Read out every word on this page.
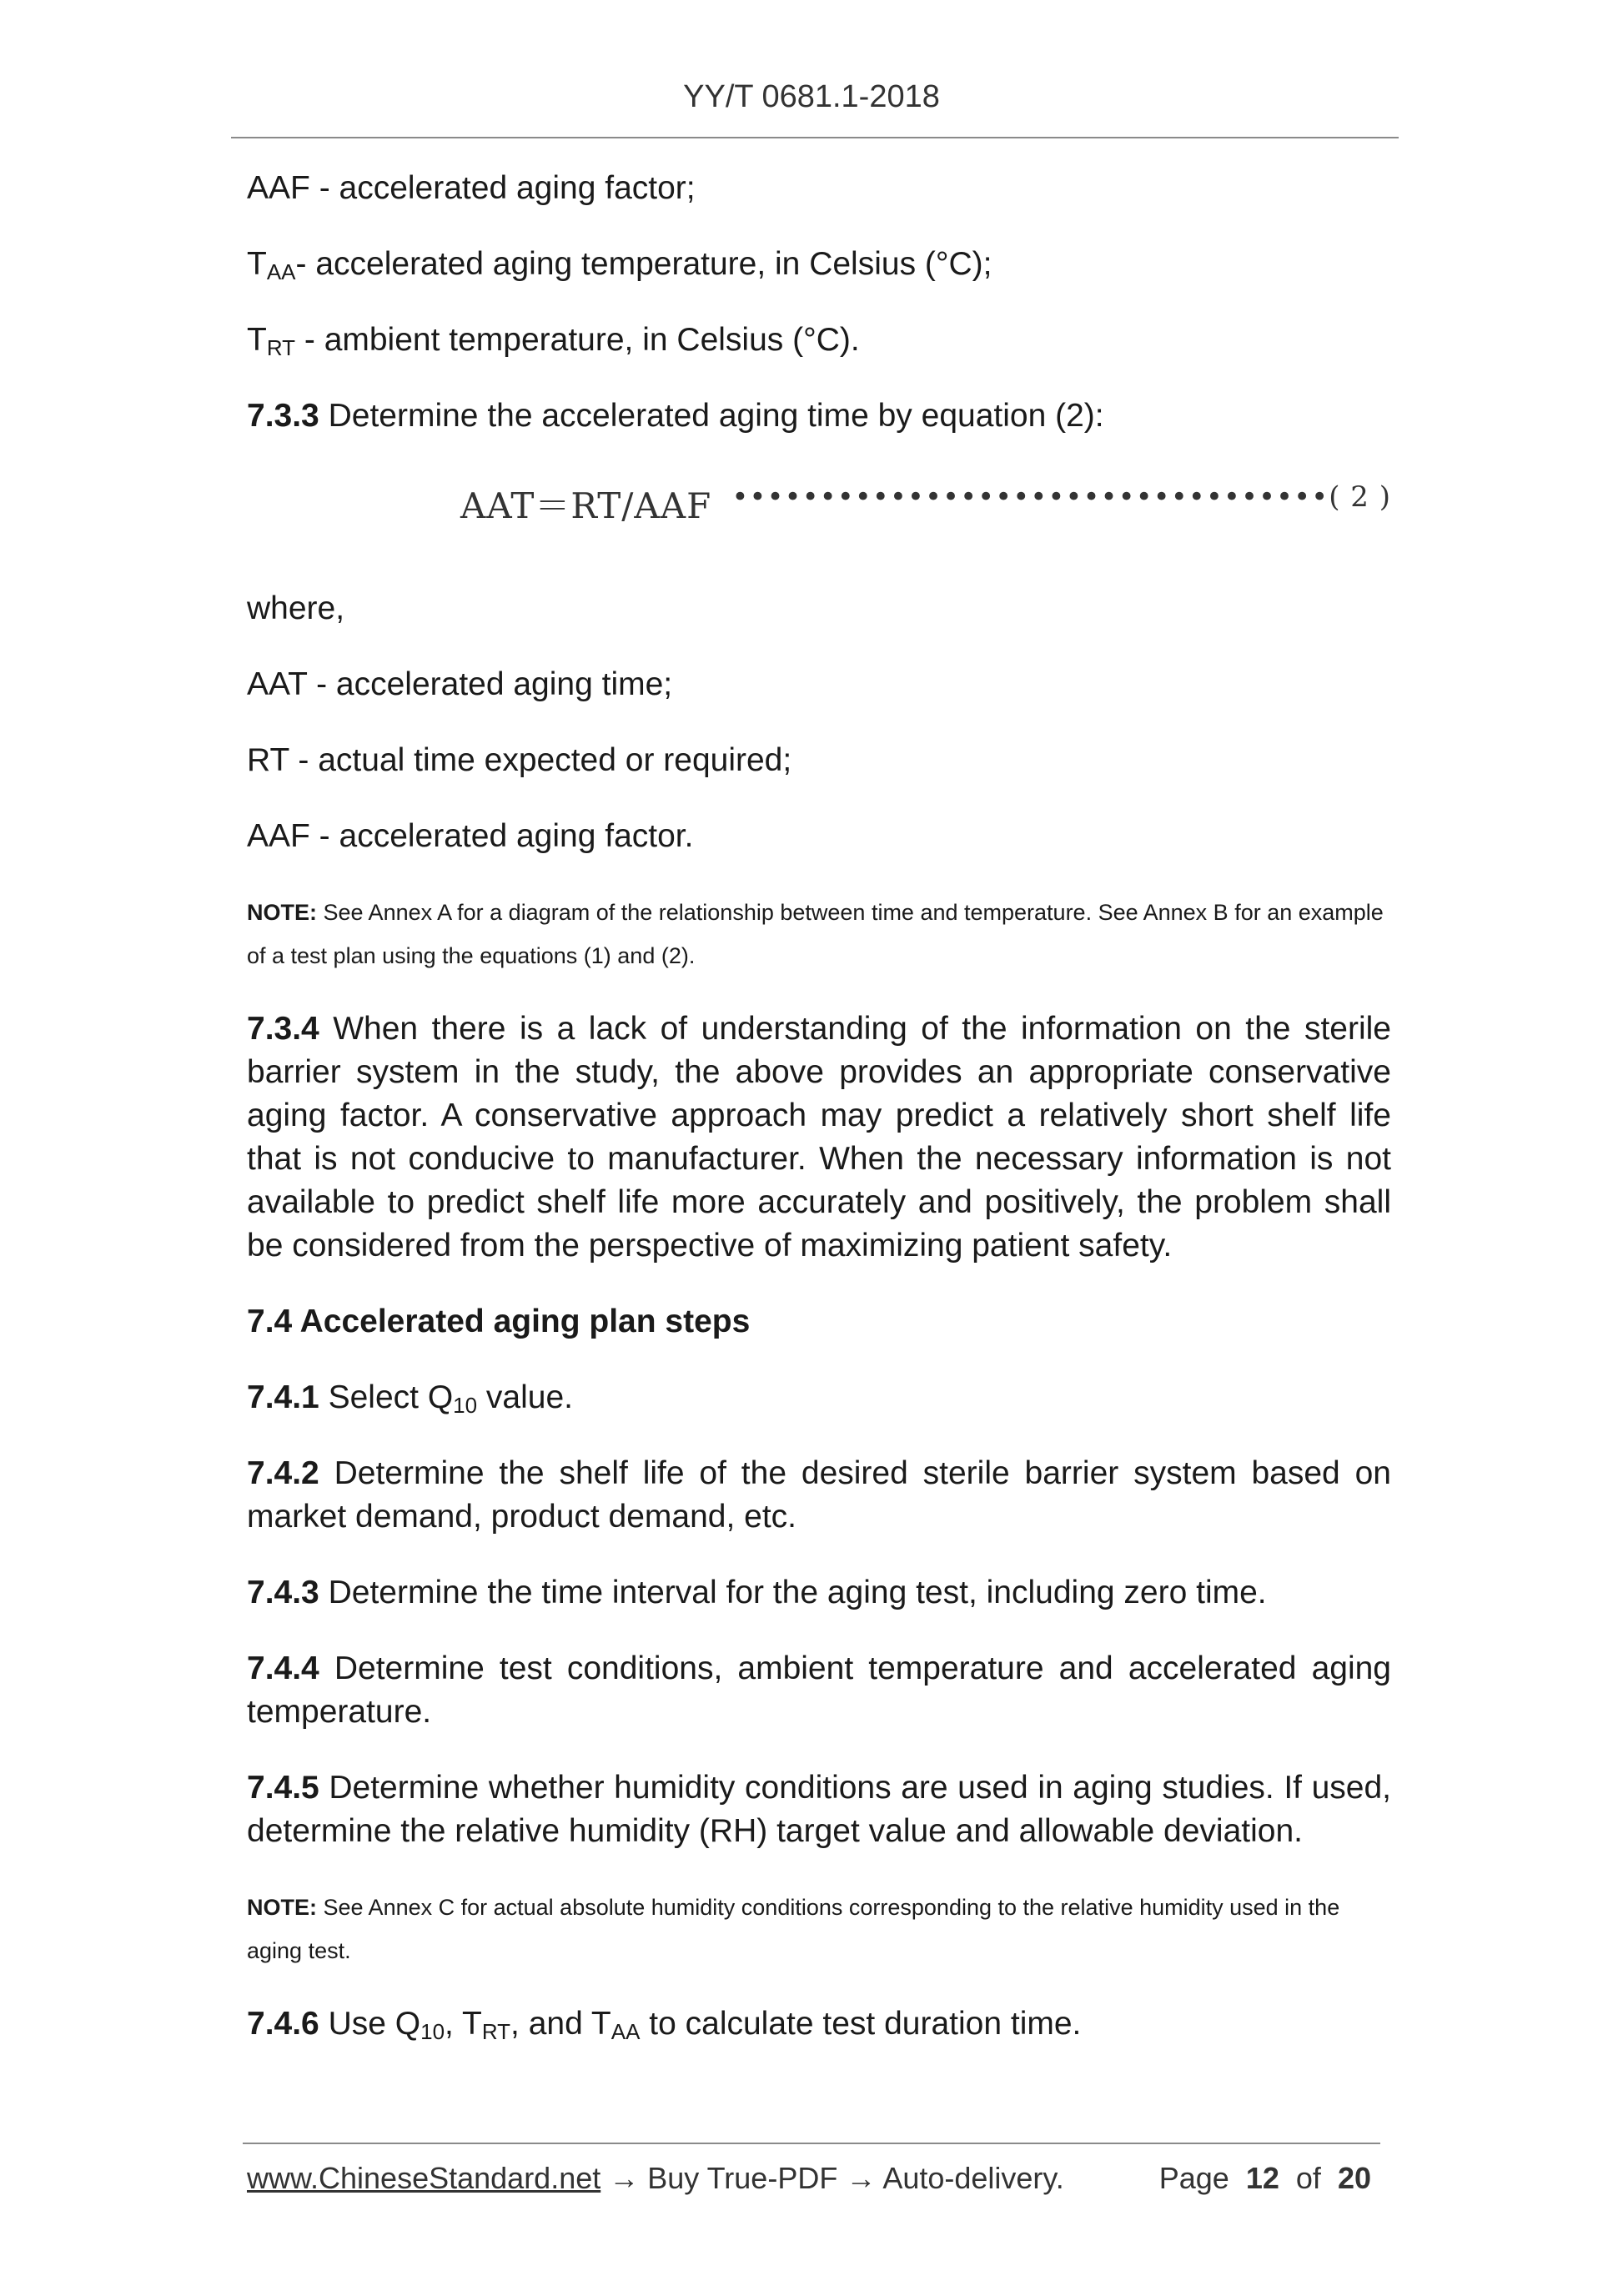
YY/T 0681.1-2018

AAF - accelerated aging factor;

$T_{AA}-$ accelerated aging temperature, in Celsius (°C);

$T_{RT}$ - ambient temperature, in Celsius (°C).

7.3.3 Determine the accelerated aging time by equation (2):

AAT＝RT/AAF ••••••••••••••••••••••••••••••••••( 2 )

where,

AAT - accelerated aging time;

RT - actual time expected or required;

AAF - accelerated aging factor.

NOTE: See Annex A for a diagram of the relationship between time and temperature. See Annex B for an example of a test plan using the equations (1) and (2).

7.3.4 When there is a lack of understanding of the information on the sterile barrier system in the study, the above provides an appropriate conservative aging factor. A conservative approach may predict a relatively short shelf life that is not conducive to manufacturer. When the necessary information is not available to predict shelf life more accurately and positively, the problem shall be considered from the perspective of maximizing patient safety.

7.4 Accelerated aging plan steps

7.4.1 Select $Q_{10}$ value.

7.4.2 Determine the shelf life of the desired sterile barrier system based on market demand, product demand, etc.

7.4.3 Determine the time interval for the aging test, including zero time.

7.4.4 Determine test conditions, ambient temperature and accelerated aging temperature.

7.4.5 Determine whether humidity conditions are used in aging studies. If used, determine the relative humidity (RH) target value and allowable deviation.

NOTE: See Annex C for actual absolute humidity conditions corresponding to the relative humidity used in the aging test.

7.4.6 Use $Q_{10}$, $T_{RT}$, and $T_{AA}$ to calculate test duration time.

www.ChineseStandard.net → Buy True-PDF → Auto-delivery.	Page 12 of 20
